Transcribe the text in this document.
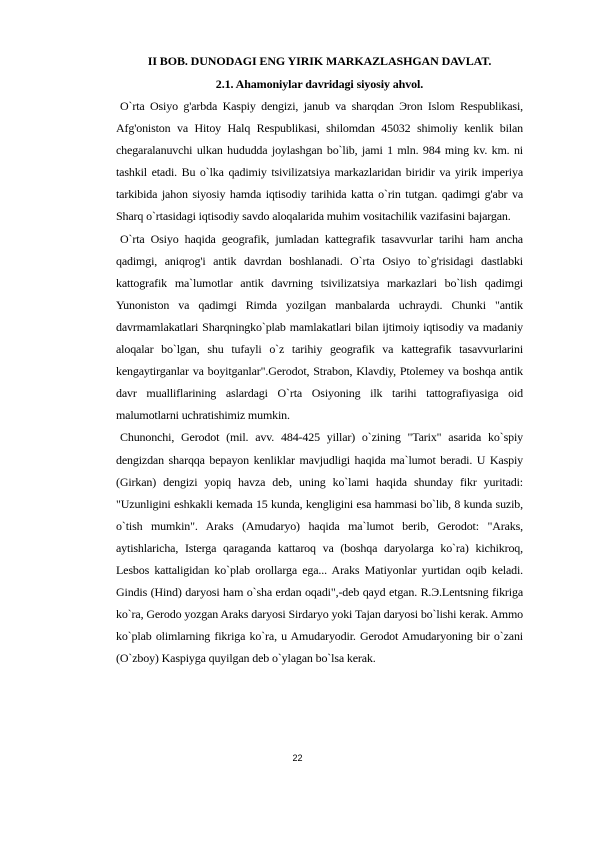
II BOB. DUNODAGI ENG YIRIK MARKAZLASHGAN DAVLAT.
2.1. Ahamoniylar davridagi siyosiy ahvol.

O`rta Osiyo g'arbda Kaspiy dengizi, janub va sharqdan Эron Islom Respublikasi, Afg'oniston va Hitoy Halq Respublikasi, shilomdan 45032 shimoliy kenlik bilan chegaralanuvchi ulkan hududda joylashgan bo`lib, jami 1 mln. 984 ming kv. km. ni tashkil etadi. Bu o`lka qadimiy tsivilizatsiya markazlaridan biridir va yirik imperiya tarkibida jahon siyosiy hamda iqtisodiy tarihida katta o`rin tutgan. qadimgi g'abr va Sharq o`rtasidagi iqtisodiy savdo aloqalarida muhim vositachilik vazifasini bajargan.

O`rta Osiyo haqida geografik, jumladan kattegrafik tasavvurlar tarihi ham ancha qadimgi, aniqrog'i antik davrdan boshlanadi. O`rta Osiyo to`g'risidagi dastlabki kattografik ma`lumotlar antik davrning tsivilizatsiya markazlari bo`lish qadimgi Yunoniston va qadimgi Rimda yozilgan manbalarda uchraydi. Chunki "antik davrmamlakatlari Sharqningko`plab mamlakatlari bilan ijtimoiy iqtisodiy va madaniy aloqalar bo`lgan, shu tufayli o`z tarihiy geografik va kattegrafik tasavvurlarini kengaytirganlar va boyitganlar".Gerodot, Strabon, Klavdiy, Ptolemey va boshqa antik davr mualliflarining aslardagi O`rta Osiyoning ilk tarihi tattografiyasiga oid malumotlarni uchratishimiz mumkin.

Chunonchi, Gerodot (mil. avv. 484-425 yillar) o`zining "Tarix" asarida ko`spiy dengizdan sharqqa bepayon kenliklar mavjudligi haqida ma`lumot beradi. U Kaspiy (Girkan) dengizi yopiq havza deb, uning ko`lami haqida shunday fikr yuritadi: "Uzunligini eshkakli kemada 15 kunda, kengligini esa hammasi bo`lib, 8 kunda suzib, o`tish mumkin". Araks (Amudaryo) haqida ma`lumot berib, Gerodot: "Araks, aytishlaricha, Isterga qaraganda kattaroq va (boshqa daryolarga ko`ra) kichikroq, Lesbos kattaligidan ko`plab orollarga ega... Araks Matiyonlar yurtidan oqib keladi. Gindis (Hind) daryosi ham o`sha erdan oqadi",-deb qayd etgan. R.Э.Lentsning fikriga ko`ra, Gerodo yozgan Araks daryosi Sirdaryo yoki Tajan daryosi bo`lishi kerak. Ammo ko`plab olimlarning fikriga ko`ra, u Amudaryodir. Gerodot Amudaryoning bir o`zani (O`zboy) Kaspiyga quyilgan deb o`ylagan bo`lsa kerak.

22
